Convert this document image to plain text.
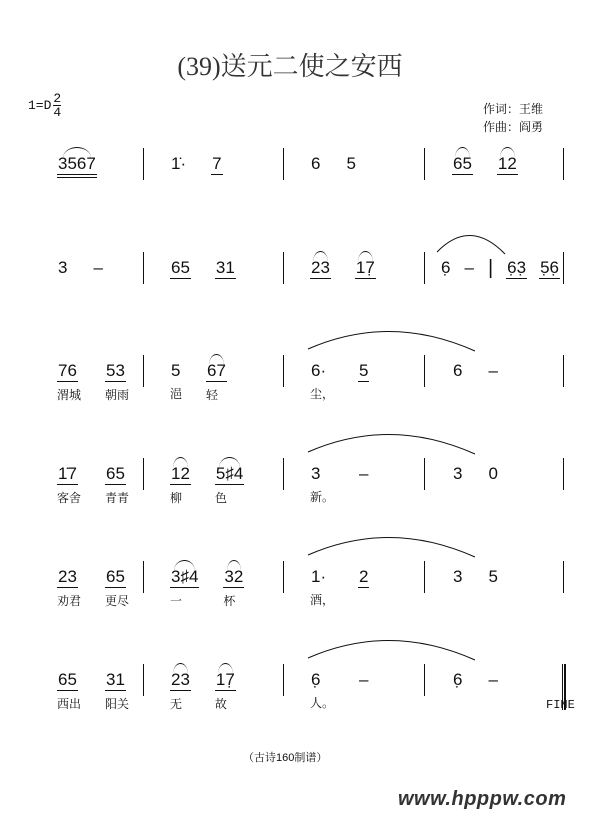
(39)送元二使之安西
$1=D \frac{2}{4}$	作词：王维
作曲：阎勇
3567	1̇· 7	6 5	65 12
3 –	65 31	23 17̣	6̣ – | 6̣3̣ 5̣6̣
76
渭城
53
朝雨
5
浥
67
轻
6·
尘，
5	6 –
1̇7
客舍
65
青青
12
柳
5♯4
色
3
新。
–	3 0
23
劝君
65
更尽
3♯4
一
32
杯
1·
酒，
2	3 5
65
西出
31
阳关
23
无
17̣
故
6̣
人。
–	6̣ –
FINE
（古诗160制谱）
www.hpppw.com
